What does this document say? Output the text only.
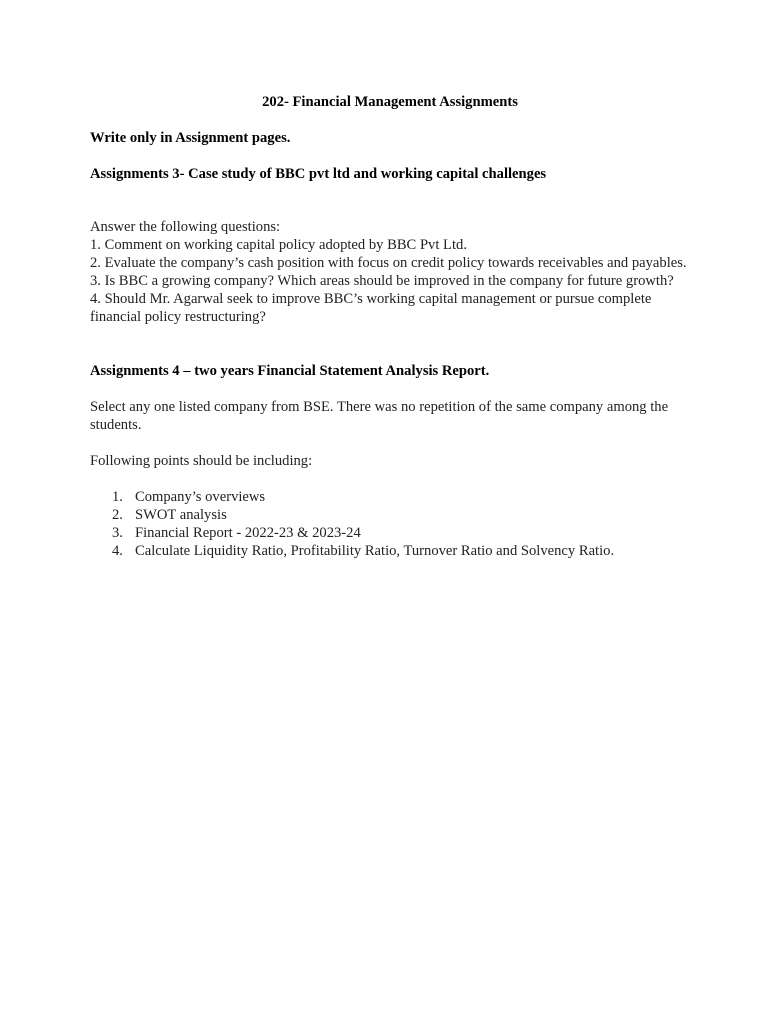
202- Financial Management Assignments

Write only in Assignment pages.

Assignments 3- Case study of BBC pvt ltd and working capital challenges

Answer the following questions:

1. Comment on working capital policy adopted by BBC Pvt Ltd.

2. Evaluate the company’s cash position with focus on credit policy towards receivables and payables.

3. Is BBC a growing company? Which areas should be improved in the company for future growth?

4. Should Mr. Agarwal seek to improve BBC’s working capital management or pursue complete financial policy restructuring?

Assignments 4 – two years Financial Statement Analysis Report.

Select any one listed company from BSE. There was no repetition of the same company among the students.

Following points should be including:

1. Company’s overviews
2. SWOT analysis
3. Financial Report - 2022-23 & 2023-24
4. Calculate Liquidity Ratio, Profitability Ratio, Turnover Ratio and Solvency Ratio.
